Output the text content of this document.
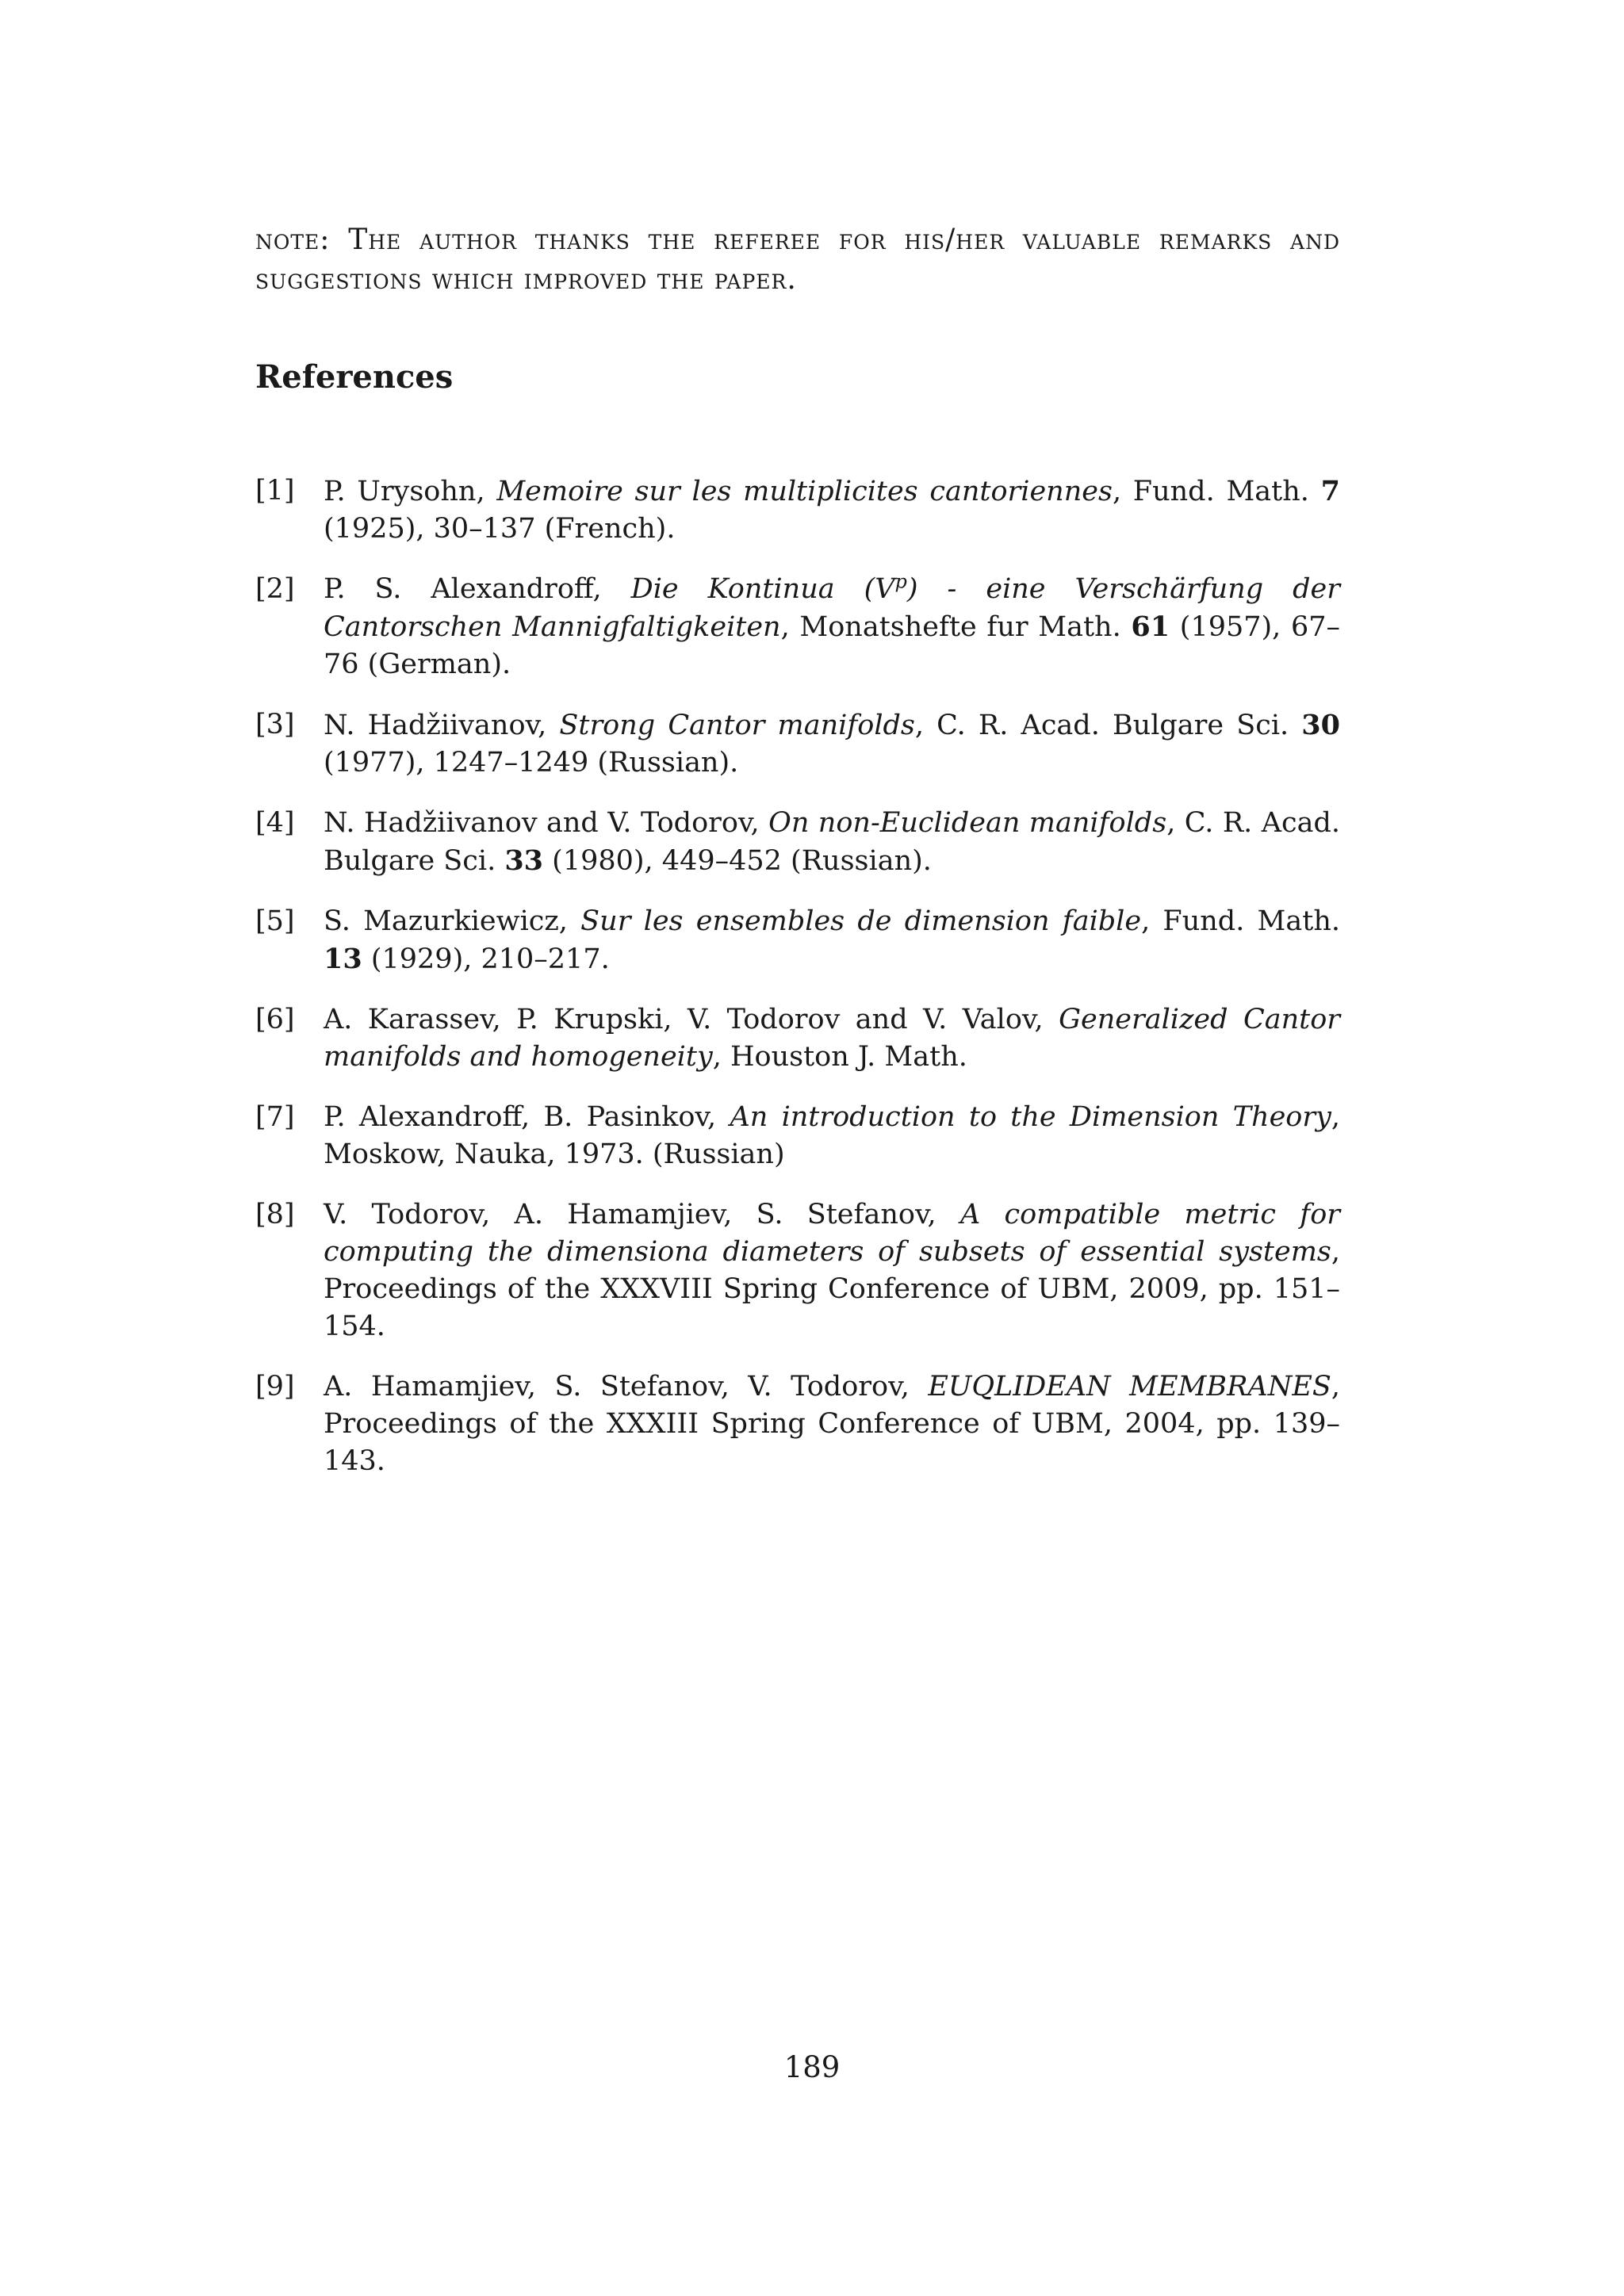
note: The author thanks the referee for his/her valuable remarks and suggestions which improved the paper.

References
[1] P. Urysohn, Memoire sur les multiplicites cantoriennes, Fund. Math. 7 (1925), 30–137 (French).
[2] P. S. Alexandroff, Die Kontinua $(V^p)$ - eine Verschärfung der Cantorschen Mannigfaltigkeiten, Monatshefte fur Math. 61 (1957), 67–76 (German).
[3] N. Hadžiivanov, Strong Cantor manifolds, C. R. Acad. Bulgare Sci. 30 (1977), 1247–1249 (Russian).
[4] N. Hadžiivanov and V. Todorov, On non-Euclidean manifolds, C. R. Acad. Bulgare Sci. 33 (1980), 449–452 (Russian).
[5] S. Mazurkiewicz, Sur les ensembles de dimension faible, Fund. Math. 13 (1929), 210–217.
[6] A. Karassev, P. Krupski, V. Todorov and V. Valov, Generalized Cantor manifolds and homogeneity, Houston J. Math.
[7] P. Alexandroff, B. Pasinkov, An introduction to the Dimension Theory, Moskow, Nauka, 1973. (Russian)
[8] V. Todorov, A. Hamamjiev, S. Stefanov, A compatible metric for computing the dimensiona diameters of subsets of essential systems, Proceedings of the XXXVIII Spring Conference of UBM, 2009, pp. 151–154.
[9] A. Hamamjiev, S. Stefanov, V. Todorov, EUQLIDEAN MEMBRANES, Proceedings of the XXXIII Spring Conference of UBM, 2004, pp. 139–143.
189
